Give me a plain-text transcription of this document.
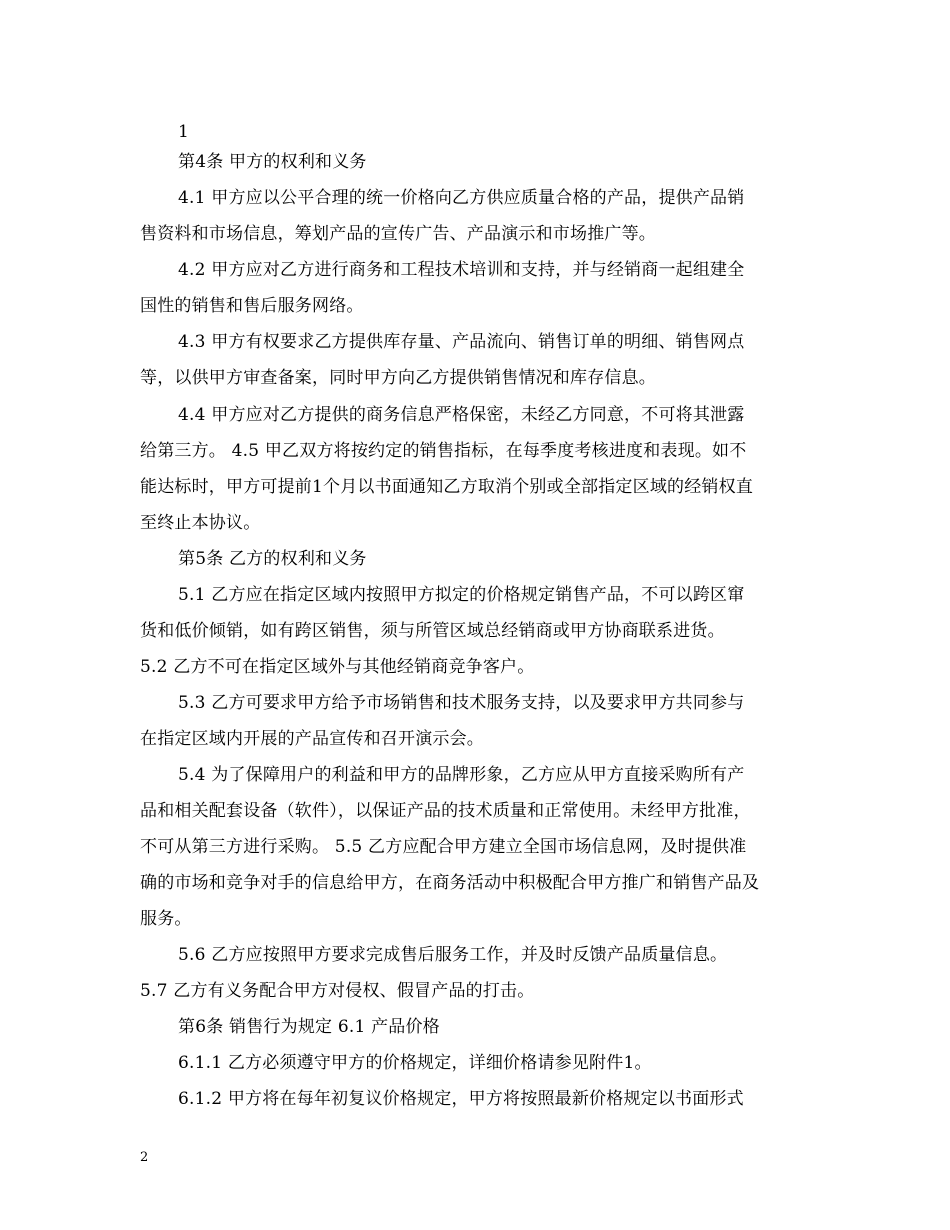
1
第4条 甲方的权利和义务
4.1 甲方应以公平合理的统一价格向乙方供应质量合格的产品，提供产品销
售资料和市场信息，筹划产品的宣传广告、产品演示和市场推广等。
4.2 甲方应对乙方进行商务和工程技术培训和支持，并与经销商一起组建全
国性的销售和售后服务网络。
4.3 甲方有权要求乙方提供库存量、产品流向、销售订单的明细、销售网点
等，以供甲方审查备案，同时甲方向乙方提供销售情况和库存信息。
4.4 甲方应对乙方提供的商务信息严格保密，未经乙方同意，不可将其泄露
给第三方。 4.5 甲乙双方将按约定的销售指标，在每季度考核进度和表现。如不
能达标时，甲方可提前1个月以书面通知乙方取消个别或全部指定区域的经销权直
至终止本协议。
第5条 乙方的权利和义务
5.1 乙方应在指定区域内按照甲方拟定的价格规定销售产品，不可以跨区窜
货和低价倾销，如有跨区销售，须与所管区域总经销商或甲方协商联系进货。
5.2 乙方不可在指定区域外与其他经销商竞争客户。
5.3 乙方可要求甲方给予市场销售和技术服务支持，以及要求甲方共同参与
在指定区域内开展的产品宣传和召开演示会。
5.4 为了保障用户的利益和甲方的品牌形象，乙方应从甲方直接采购所有产
品和相关配套设备（软件），以保证产品的技术质量和正常使用。未经甲方批准，
不可从第三方进行采购。 5.5 乙方应配合甲方建立全国市场信息网，及时提供准
确的市场和竞争对手的信息给甲方，在商务活动中积极配合甲方推广和销售产品及
服务。
5.6 乙方应按照甲方要求完成售后服务工作，并及时反馈产品质量信息。
5.7 乙方有义务配合甲方对侵权、假冒产品的打击。
第6条 销售行为规定 6.1 产品价格
6.1.1 乙方必须遵守甲方的价格规定，详细价格请参见附件1。
6.1.2 甲方将在每年初复议价格规定，甲方将按照最新价格规定以书面形式
2
